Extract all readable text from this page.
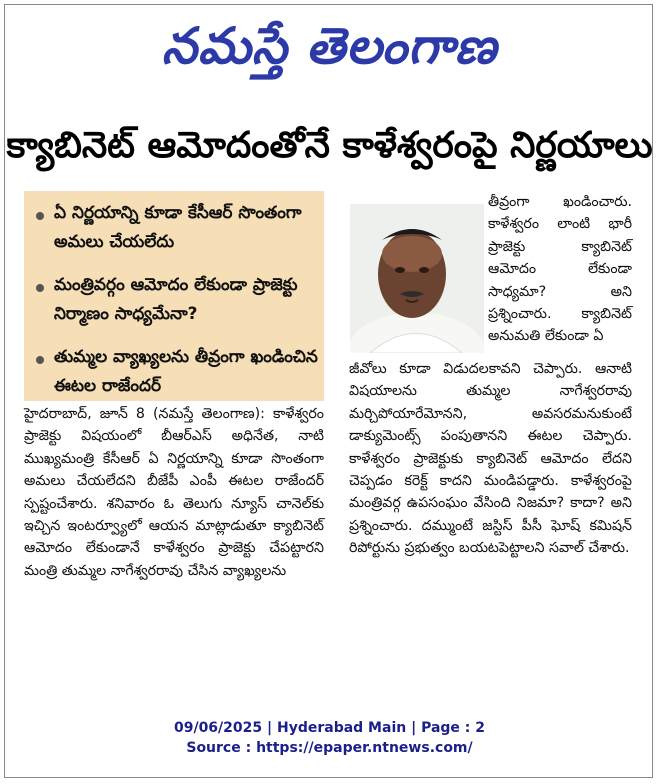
నమస్తే తెలంగాణ
క్యాబినెట్ ఆమోదంతోనే కాళేశ్వరంపై నిర్ణయాలు
ఏ నిర్ణయాన్ని కూడా కేసీఆర్ సొంతంగా అమలు చేయలేదు
మంత్రివర్గం ఆమోదం లేకుండా ప్రాజెక్టు నిర్మాణం సాధ్యమేనా?
తుమ్మల వ్యాఖ్యలను తీవ్రంగా ఖండించిన ఈటల రాజేందర్

హైదరాబాద్, జూన్ 8 (నమస్తే తెలంగాణ): కాళేశ్వరం ప్రాజెక్టు విషయంలో బీఆర్ఎస్ అధినేత, నాటి ముఖ్యమంత్రి కేసీఆర్ ఏ నిర్ణయాన్ని కూడా సొంతంగా అమలు చేయలేదని బీజేపీ ఎంపీ ఈటల రాజేందర్ స్పష్టంచేశారు. శనివారం ఓ తెలుగు న్యూస్ చానెల్‌కు ఇచ్చిన ఇంటర్వ్యూలో ఆయన మాట్లాడుతూ క్యాబినెట్ ఆమోదం లేకుండానే కాళేశ్వరం ప్రాజెక్టు చేపట్టారని మంత్రి తుమ్మల నాగేశ్వరరావు చేసిన వ్యాఖ్యలను

తీవ్రంగా ఖండించారు. కాళేశ్వరం లాంటి భారీ ప్రాజెక్టు క్యాబినెట్ ఆమోదం లేకుండా సాధ్యమా? అని ప్రశ్నించారు. క్యాబినెట్ అనుమతి లేకుండా ఏ

జీవోలు కూడా విడుదలకావని చెప్పారు. ఆనాటి విషయాలను తుమ్మల నాగేశ్వరరావు మర్చిపోయారేమోనని, అవసరమనుకుంటే డాక్యుమెంట్స్ పంపుతానని ఈటల చెప్పారు. కాళేశ్వరం ప్రాజెక్టుకు క్యాబినెట్ ఆమోదం లేదని చెప్పడం కరెక్ట్ కాదని మండిపడ్డారు. కాళేశ్వరంపై మంత్రివర్గ ఉపసంఘం వేసింది నిజమా? కాదా? అని ప్రశ్నించారు. దమ్ముంటే జస్టిస్ పీసీ ఘోష్ కమిషన్ రిపోర్టును ప్రభుత్వం బయటపెట్టాలని సవాల్ చేశారు.

09/06/2025 | Hyderabad Main | Page : 2
Source : https://epaper.ntnews.com/
